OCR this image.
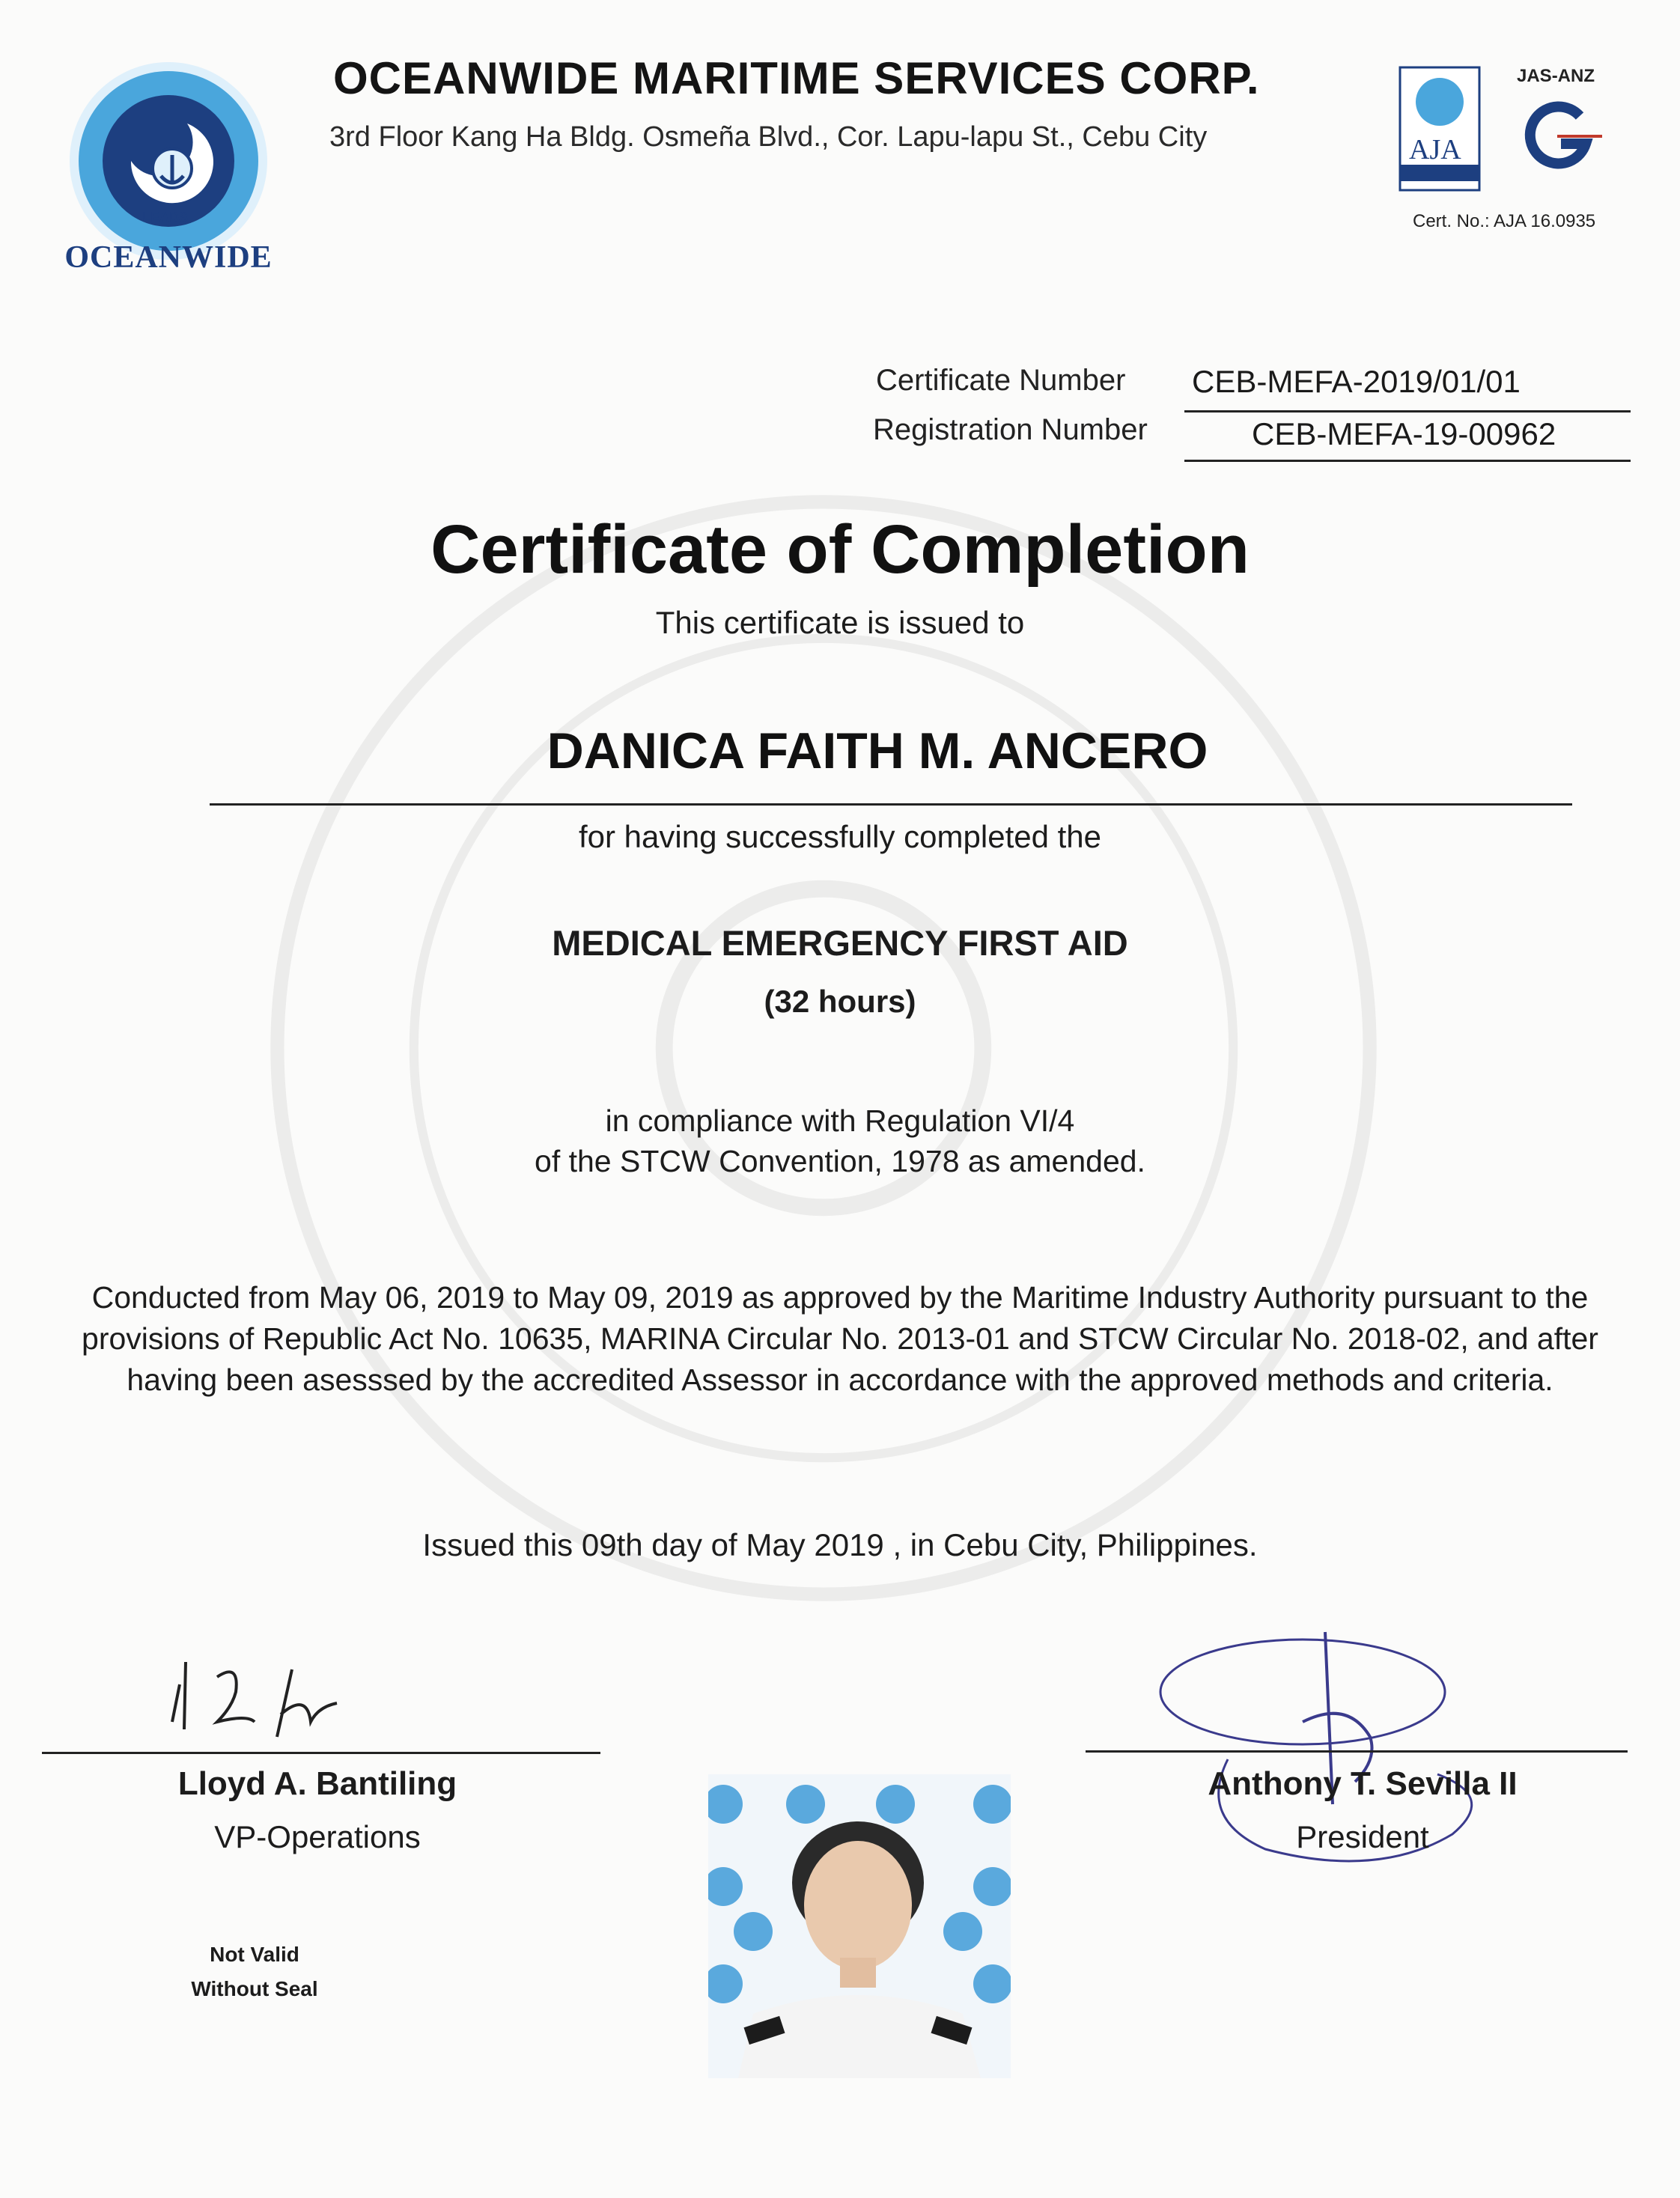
LEADS
OCEANWIDE
OCEANWIDE MARITIME SERVICES CORP.
3rd Floor Kang Ha Bldg. Osmeña Blvd., Cor. Lapu-lapu St., Cebu City	AJA
JAS-ANZ
Cert. No.: AJA 16.0935
Certificate Number CEB-MEFA-2019/01/01
Registration Number	CEB-MEFA-19-00962
Certificate of Completion
This certificate is issued to
DANICA FAITH M. ANCERO
for having successfully completed the
MEDICAL EMERGENCY FIRST AID
(32 hours)
in compliance with Regulation VI/4
of the STCW Convention, 1978 as amended.
Conducted from May 06, 2019 to May 09, 2019 as approved by the Maritime Industry Authority pursuant to the provisions of Republic Act No. 10635, MARINA Circular No. 2013-01 and STCW Circular No. 2018-02, and after having been asesssed by the accredited Assessor in accordance with the approved methods and criteria.
Issued this 09th day of May 2019 , in Cebu City, Philippines.
Lloyd A. Bantiling
VP-Operations
Not Valid
Without Seal
Anthony T. Sevilla II
President
